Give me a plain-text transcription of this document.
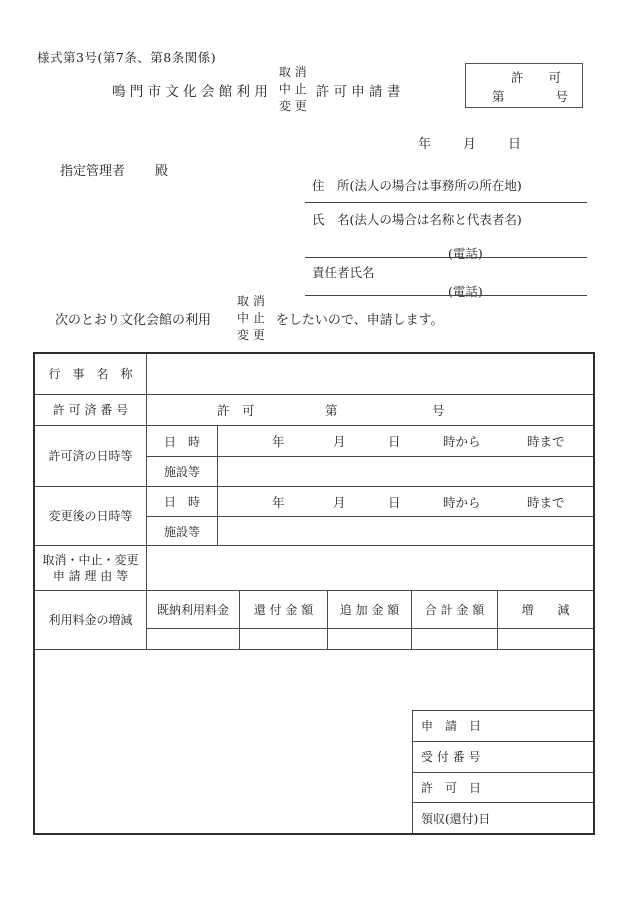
様式第3号(第7条、第8条関係)
鳴 門 市 文 化 会 館 利 用
取 消
中 止
変 更
許 可 申 請 書
許　　可
第	号
年　　月　　日
指定管理者 殿
住　所(法人の場合は事務所の所在地)
氏　名(法人の場合は名称と代表者名)
(電話)
責任者氏名
(電話)
次のとおり文化会館の利用
取 消
中 止
変 更
をしたいので、申請します。
行　事　名　称
許 可 済 番 号	許　可	第	号
許可済の日時等
日　時	年	月	日	時から	時まで
施設等
変更後の日時等
日　時	年	月	日	時から	時まで
施設等
取消・中止・変更
申 請 理 由 等
利用料金の増減
既納利用料金	還 付 金 額	追 加 金 額	合 計 金 額	増　　減
申　請　日
受 付 番 号
許　可　日
領収(還付)日
